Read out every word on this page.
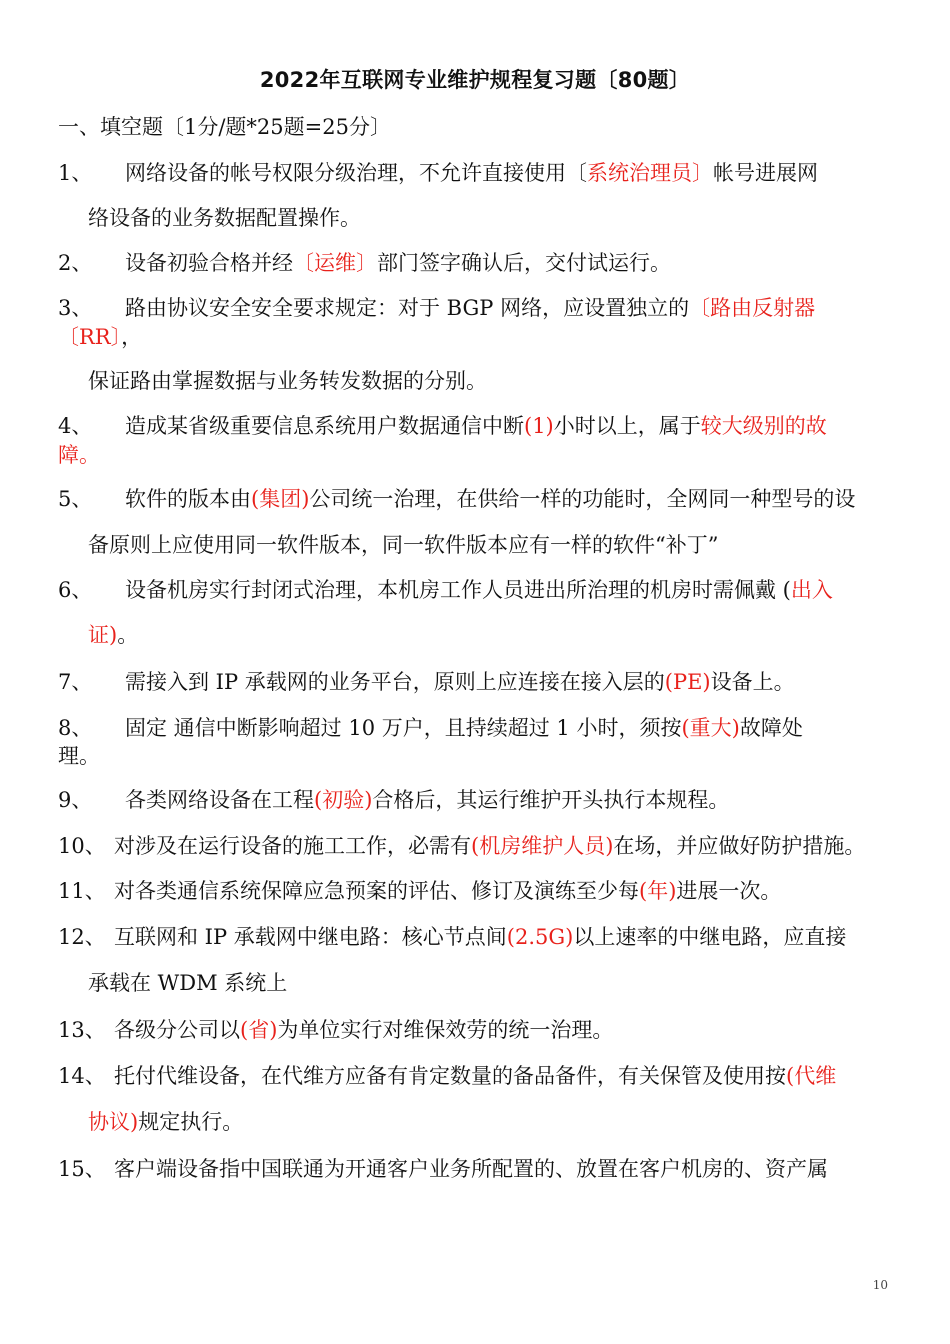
2022年互联网专业维护规程复习题〔80题〕
一、填空题〔1分/题*25题=25分〕
1、 网络设备的帐号权限分级治理，不允许直接使用〔系统治理员〕帐号进展网
络设备的业务数据配置操作。
2、 设备初验合格并经〔运维〕部门签字确认后，交付试运行。
3、 路由协议安全安全要求规定：对于 BGP 网络，应设置独立的〔路由反射器
〔RR〕，
保证路由掌握数据与业务转发数据的分别。
4、 造成某省级重要信息系统用户数据通信中断(1)小时以上，属于较大级别的故
障。
5、 软件的版本由(集团)公司统一治理，在供给一样的功能时，全网同一种型号的设
备原则上应使用同一软件版本，同一软件版本应有一样的软件“补丁”
6、 设备机房实行封闭式治理，本机房工作人员进出所治理的机房时需佩戴 (出入
证)。
7、 需接入到 IP 承载网的业务平台，原则上应连接在接入层的(PE)设备上。
8、 固定 通信中断影响超过 10 万户，且持续超过 1 小时，须按(重大)故障处
理。
9、 各类网络设备在工程(初验)合格后，其运行维护开头执行本规程。
10、 对涉及在运行设备的施工工作，必需有(机房维护人员)在场，并应做好防护措施。
11、 对各类通信系统保障应急预案的评估、修订及演练至少每(年)进展一次。
12、 互联网和 IP 承载网中继电路：核心节点间(2.5G)以上速率的中继电路，应直接
承载在 WDM 系统上
13、 各级分公司以(省)为单位实行对维保效劳的统一治理。
14、 托付代维设备，在代维方应备有肯定数量的备品备件，有关保管及使用按(代维
协议)规定执行。
15、 客户端设备指中国联通为开通客户业务所配置的、放置在客户机房的、资产属
10
